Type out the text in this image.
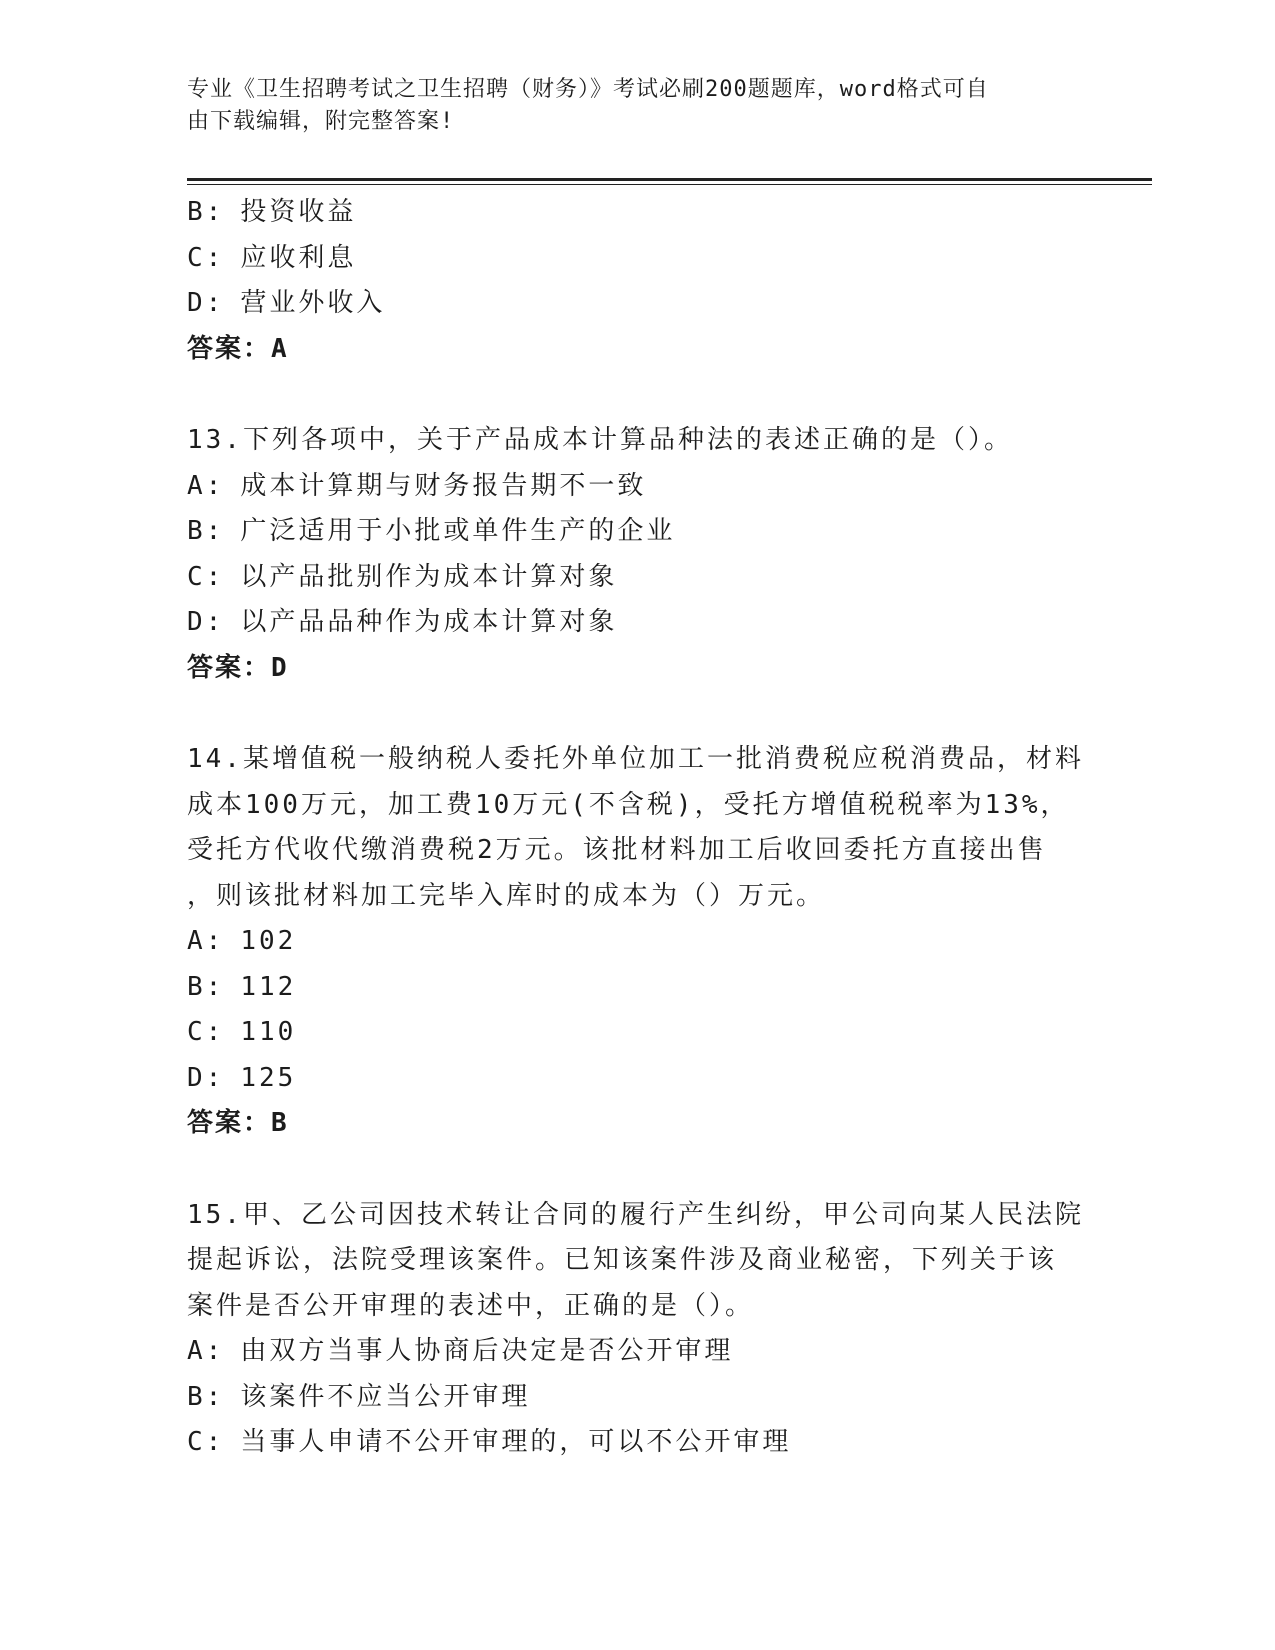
专业《卫生招聘考试之卫生招聘（财务）》考试必刷200题题库，word格式可自
由下载编辑，附完整答案!
B: 投资收益
C: 应收利息
D: 营业外收入
答案：A
13.下列各项中，关于产品成本计算品种法的表述正确的是（）。
A: 成本计算期与财务报告期不一致
B: 广泛适用于小批或单件生产的企业
C: 以产品批别作为成本计算对象
D: 以产品品种作为成本计算对象
答案：D
14.某增值税一般纳税人委托外单位加工一批消费税应税消费品，材料
成本100万元，加工费10万元(不含税)，受托方增值税税率为13%，
受托方代收代缴消费税2万元。该批材料加工后收回委托方直接出售
，则该批材料加工完毕入库时的成本为（）万元。
A: 102
B: 112
C: 110
D: 125
答案：B
15.甲、乙公司因技术转让合同的履行产生纠纷，甲公司向某人民法院
提起诉讼，法院受理该案件。已知该案件涉及商业秘密，下列关于该
案件是否公开审理的表述中，正确的是（）。
A: 由双方当事人协商后决定是否公开审理
B: 该案件不应当公开审理
C: 当事人申请不公开审理的，可以不公开审理
